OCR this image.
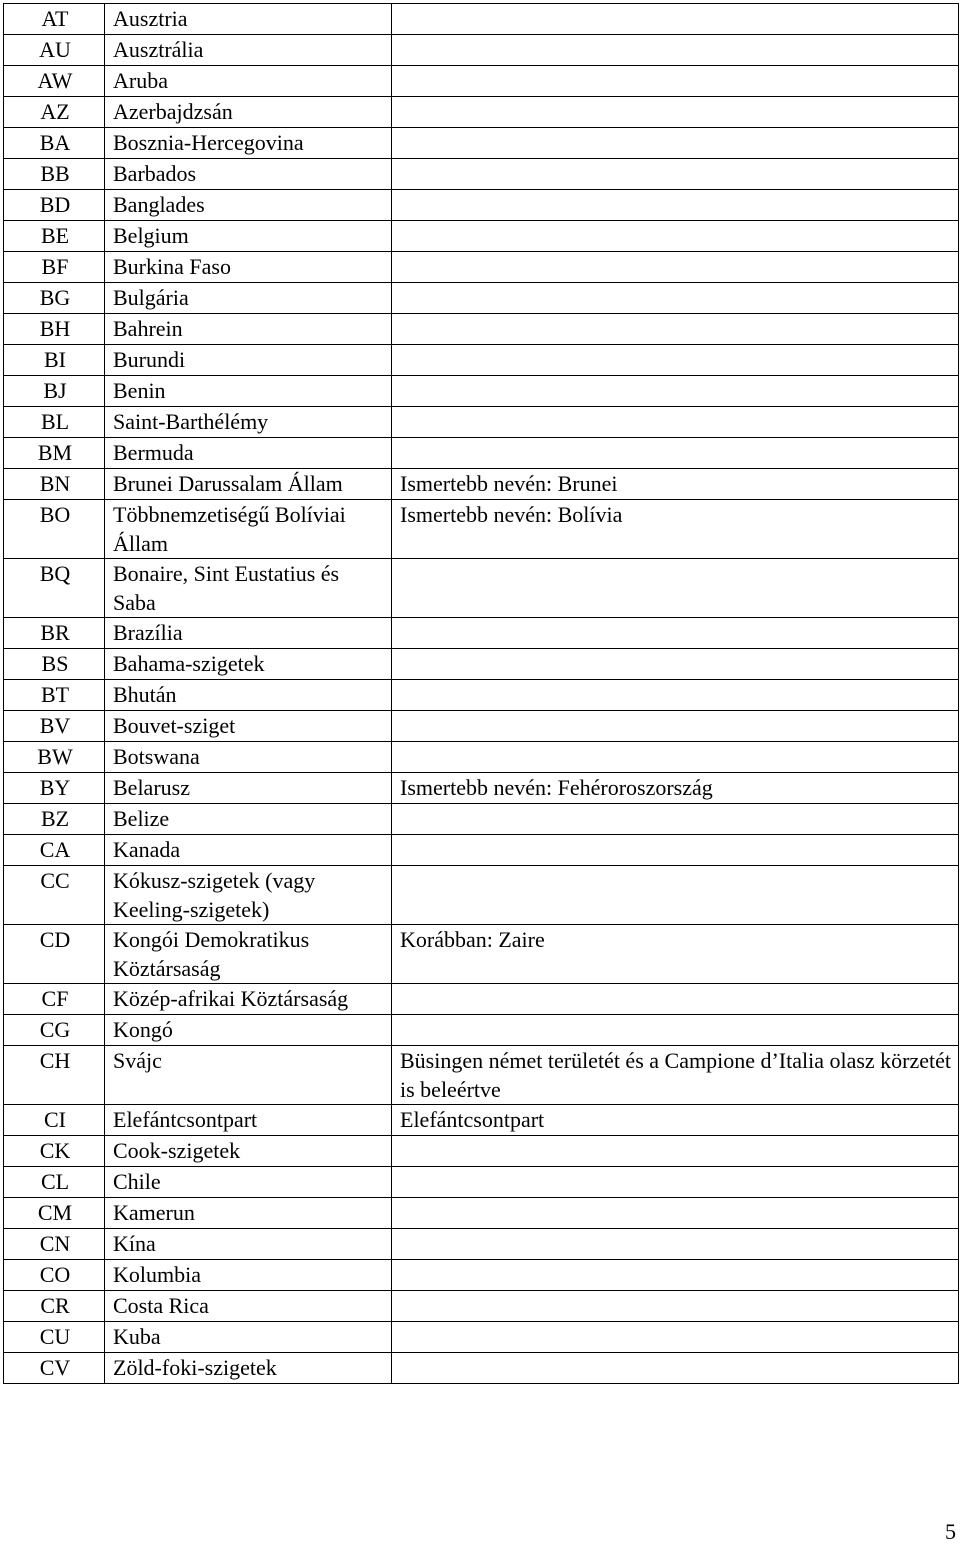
AT	Ausztria	
AU	Ausztrália	
AW	Aruba	
AZ	Azerbajdzsán	
BA	Bosznia-Hercegovina	
BB	Barbados	
BD	Banglades	
BE	Belgium	
BF	Burkina Faso	
BG	Bulgária	
BH	Bahrein	
BI	Burundi	
BJ	Benin	
BL	Saint-Barthélémy	
BM	Bermuda	
BN	Brunei Darussalam Állam	Ismertebb nevén: Brunei
BO	Többnemzetiségű Bolíviai Állam	Ismertebb nevén: Bolívia
BQ	Bonaire, Sint Eustatius és Saba	
BR	Brazília	
BS	Bahama-szigetek	
BT	Bhután	
BV	Bouvet-sziget	
BW	Botswana	
BY	Belarusz	Ismertebb nevén: Fehéroroszország
BZ	Belize	
CA	Kanada	
CC	Kókusz-szigetek (vagy Keeling-szigetek)	
CD	Kongói Demokratikus Köztársaság	Korábban: Zaire
CF	Közép-afrikai Köztársaság	
CG	Kongó	
CH	Svájc	Büsingen német területét és a Campione d’Italia olasz körzetét is beleértve
CI	Elefántcsontpart	Elefántcsontpart
CK	Cook-szigetek	
CL	Chile	
CM	Kamerun	
CN	Kína	
CO	Kolumbia	
CR	Costa Rica	
CU	Kuba	
CV	Zöld-foki-szigetek	
5
